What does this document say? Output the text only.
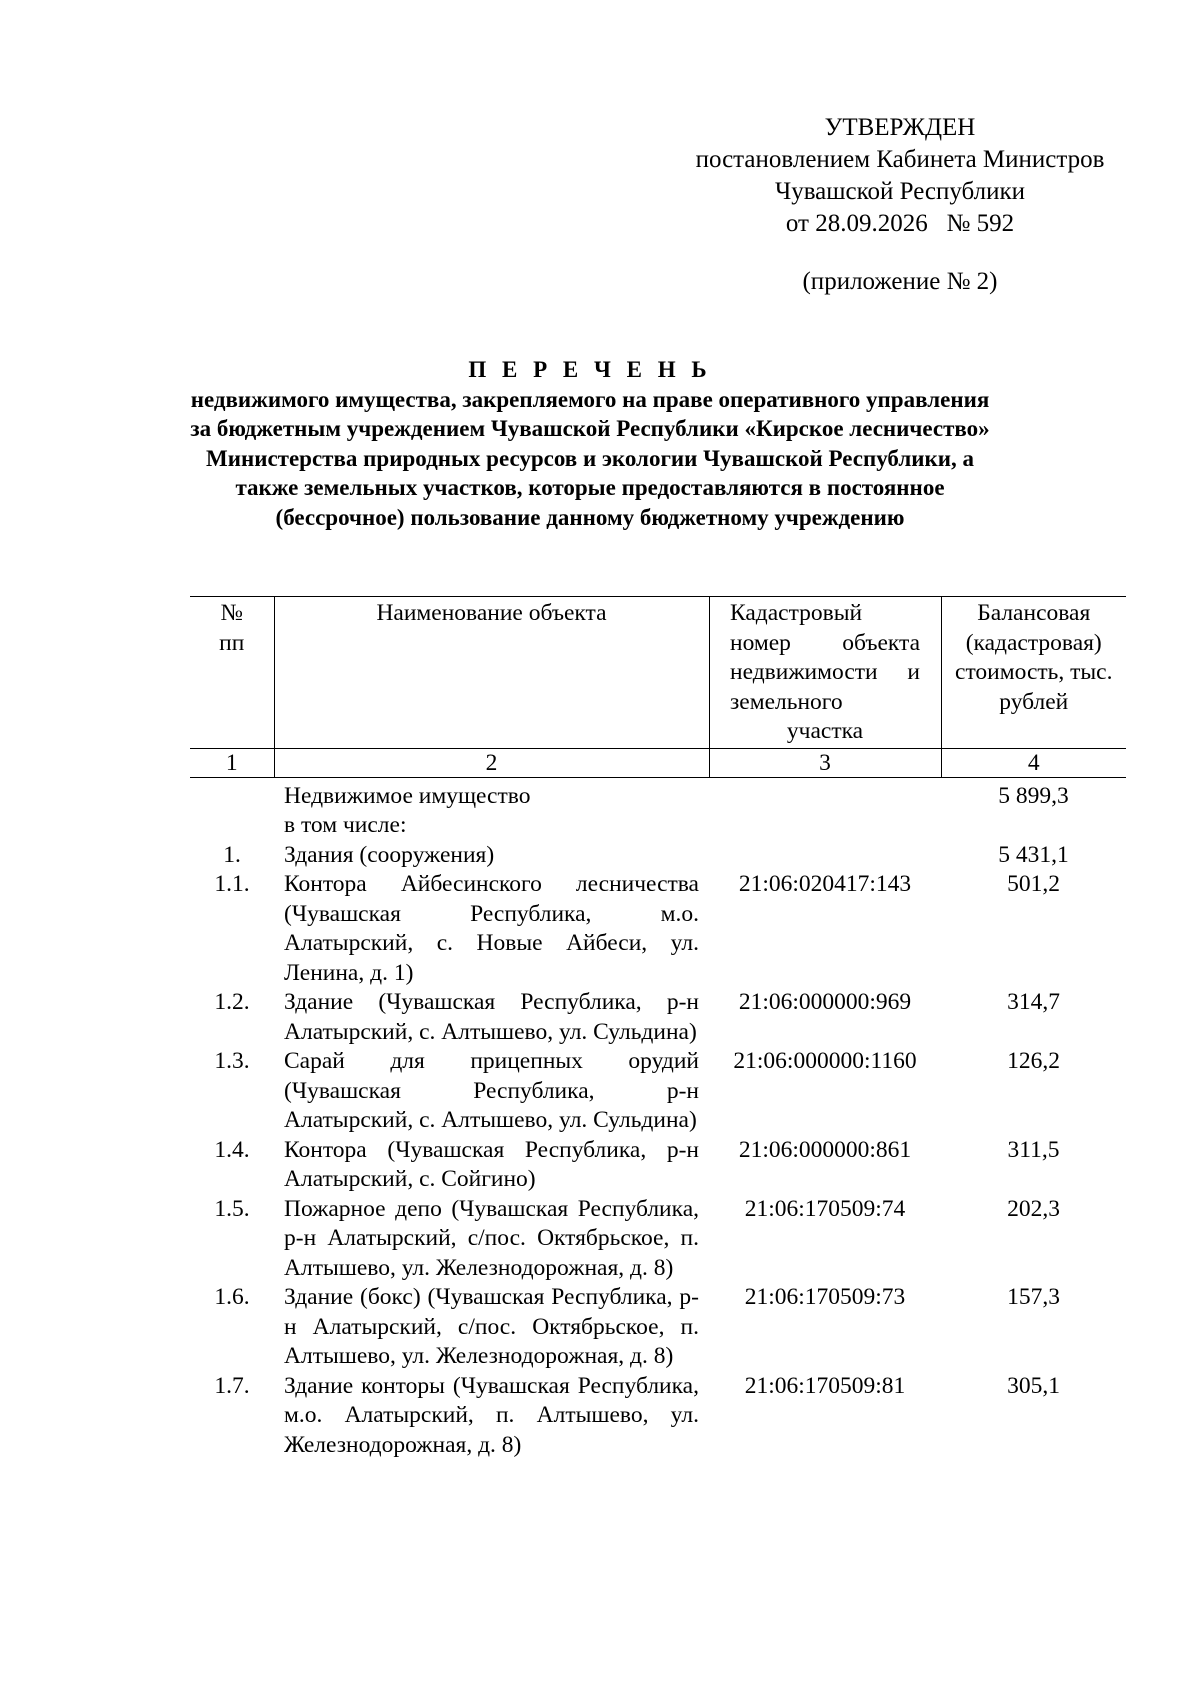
УТВЕРЖДЕН
постановлением Кабинета Министров
Чувашской Республики
от 28.09.2026   № 592
(приложение № 2)
П Е Р Е Ч Е Н Ь
недвижимого имущества, закрепляемого на праве оперативного управления за бюджетным учреждением Чувашской Республики «Кирское лесничество» Министерства природных ресурсов и экологии Чувашской Республики, а также земельных участков, которые предоставляются в постоянное (бессрочное) пользование данному бюджетному учреждению
№ пп	Наименование объекта	Кадастровый номер объекта недвижимости и земельного участка	Балансовая (кадастровая) стоимость, тыс. рублей

1	2	3	4
	Недвижимое имущество		5 899,3
	в том числе:		
1.	Здания (сооружения)		5 431,1
1.1.	Контора Айбесинского лесничества (Чувашская Республика, м.о. Алатырский, с. Новые Айбеси, ул. Ленина, д. 1)	21:06:020417:143	501,2
1.2.	Здание (Чувашская Республика, р-н Алатырский, с. Алтышево, ул. Сульдина)	21:06:000000:969	314,7
1.3.	Сарай для прицепных орудий (Чувашская Республика, р-н Алатырский, с. Алтышево, ул. Сульдина)	21:06:000000:1160	126,2
1.4.	Контора (Чувашская Республика, р-н Алатырский, с. Сойгино)	21:06:000000:861	311,5
1.5.	Пожарное депо (Чувашская Республика, р-н Алатырский, с/пос. Октябрьское, п. Алтышево, ул. Железнодорожная, д. 8)	21:06:170509:74	202,3
1.6.	Здание (бокс) (Чувашская Республика, р-н Алатырский, с/пос. Октябрьское, п. Алтышево, ул. Железнодорожная, д. 8)	21:06:170509:73	157,3
1.7.	Здание конторы (Чувашская Республика, м.о. Алатырский, п. Алтышево, ул. Железнодорожная, д. 8)	21:06:170509:81	305,1
